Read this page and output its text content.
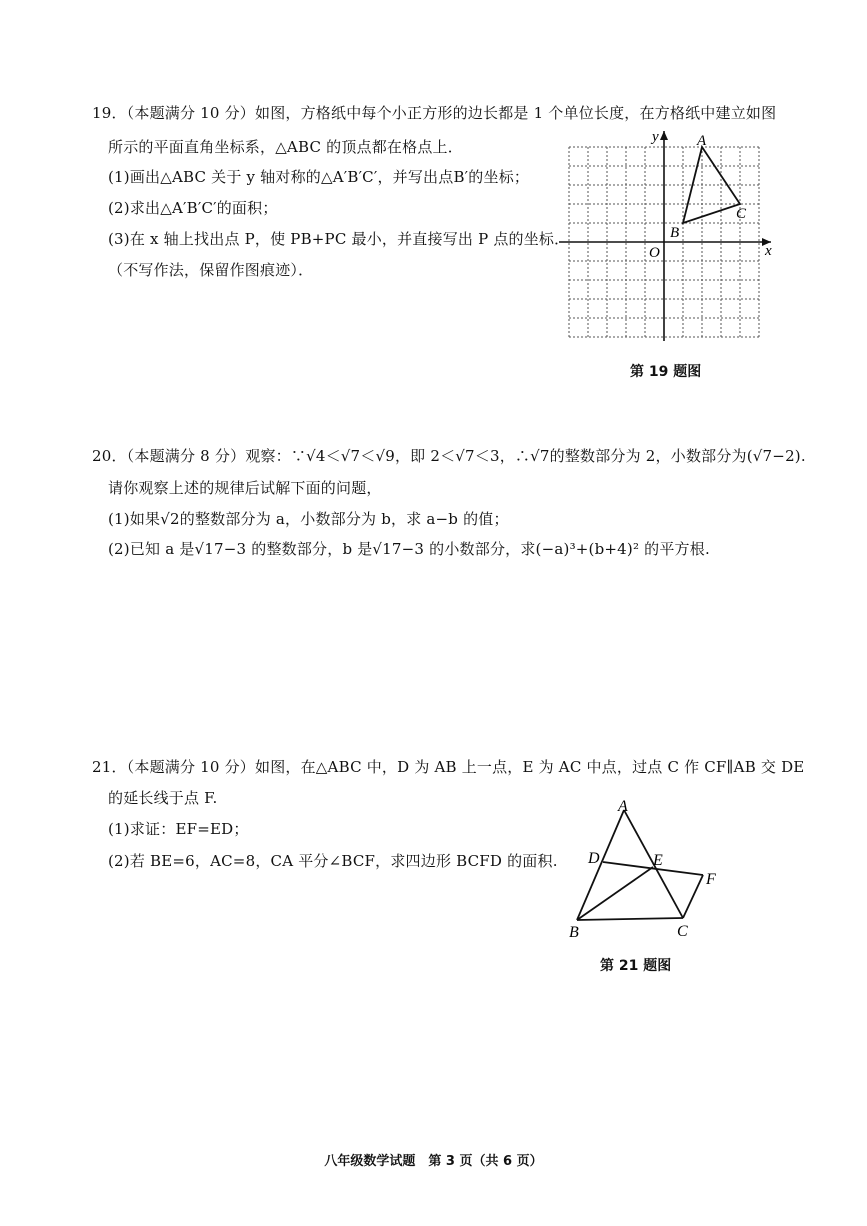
19．（本题满分 10 分）如图，方格纸中每个小正方形的边长都是 1 个单位长度，在方格纸中建立如图
所示的平面直角坐标系，△ABC 的顶点都在格点上．
(1)画出△ABC 关于 y 轴对称的△A′B′C′，并写出点B′的坐标；
(2)求出△A′B′C′的面积；
(3)在 x 轴上找出点 P，使 PB+PC 最小，并直接写出 P 点的坐标．
（不写作法，保留作图痕迹）．
y
x
O
A
B
C
第 19 题图
20．（本题满分 8 分）观察：∵√4＜√7＜√9，即 2＜√7＜3，∴√7的整数部分为 2，小数部分为(√7−2).
请你观察上述的规律后试解下面的问题，
(1)如果√2的整数部分为 a，小数部分为 b，求 a−b 的值；
(2)已知 a 是√17−3 的整数部分，b 是√17−3 的小数部分，求(−a)³+(b+4)² 的平方根.
21．（本题满分 10 分）如图，在△ABC 中，D 为 AB 上一点，E 为 AC 中点，过点 C 作 CF∥AB 交 DE
的延长线于点 F.
(1)求证：EF=ED；
(2)若 BE=6，AC=8，CA 平分∠BCF，求四边形 BCFD 的面积.
A
B	C
D	E
F
第 21 题图
八年级数学试题　第 3 页（共 6 页）
